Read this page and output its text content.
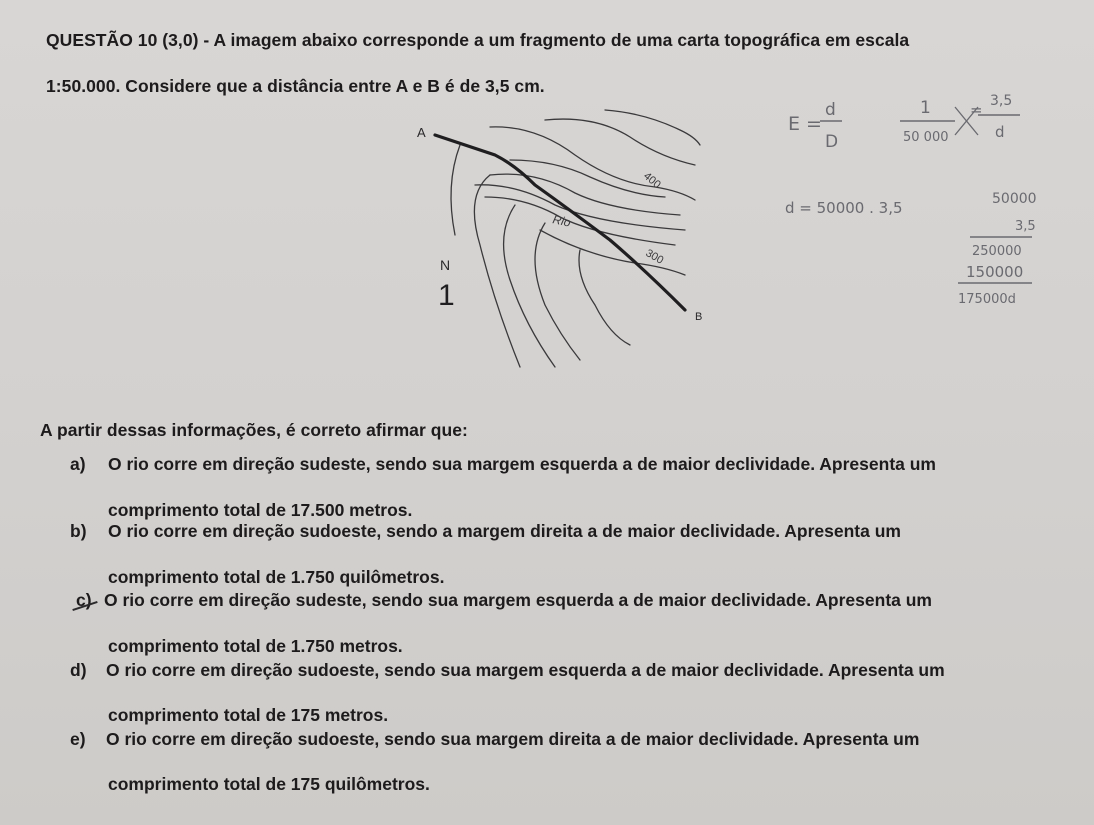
QUESTÃO 10 (3,0) - A imagem abaixo corresponde a um fragmento de uma carta topográfica em escala
1:50.000. Considere que a distância entre A e B é de 3,5 cm.
A
B
Rio
400
300
N
1
E =
d
D
1
50 000
= 3,5
d
d = 50000 . 3,5	50000
3,5
250000
150000
175000d
A partir dessas informações, é correto afirmar que:
a) O rio corre em direção sudeste, sendo sua margem esquerda a de maior declividade. Apresenta um
comprimento total de 17.500 metros.
b) O rio corre em direção sudoeste, sendo a margem direita a de maior declividade. Apresenta um
comprimento total de 1.750 quilômetros.
c) O rio corre em direção sudeste, sendo sua margem esquerda a de maior declividade. Apresenta um
comprimento total de 1.750 metros.
d) O rio corre em direção sudoeste, sendo sua margem esquerda a de maior declividade. Apresenta um
comprimento total de 175 metros.
e) O rio corre em direção sudoeste, sendo sua margem direita a de maior declividade. Apresenta um
comprimento total de 175 quilômetros.
